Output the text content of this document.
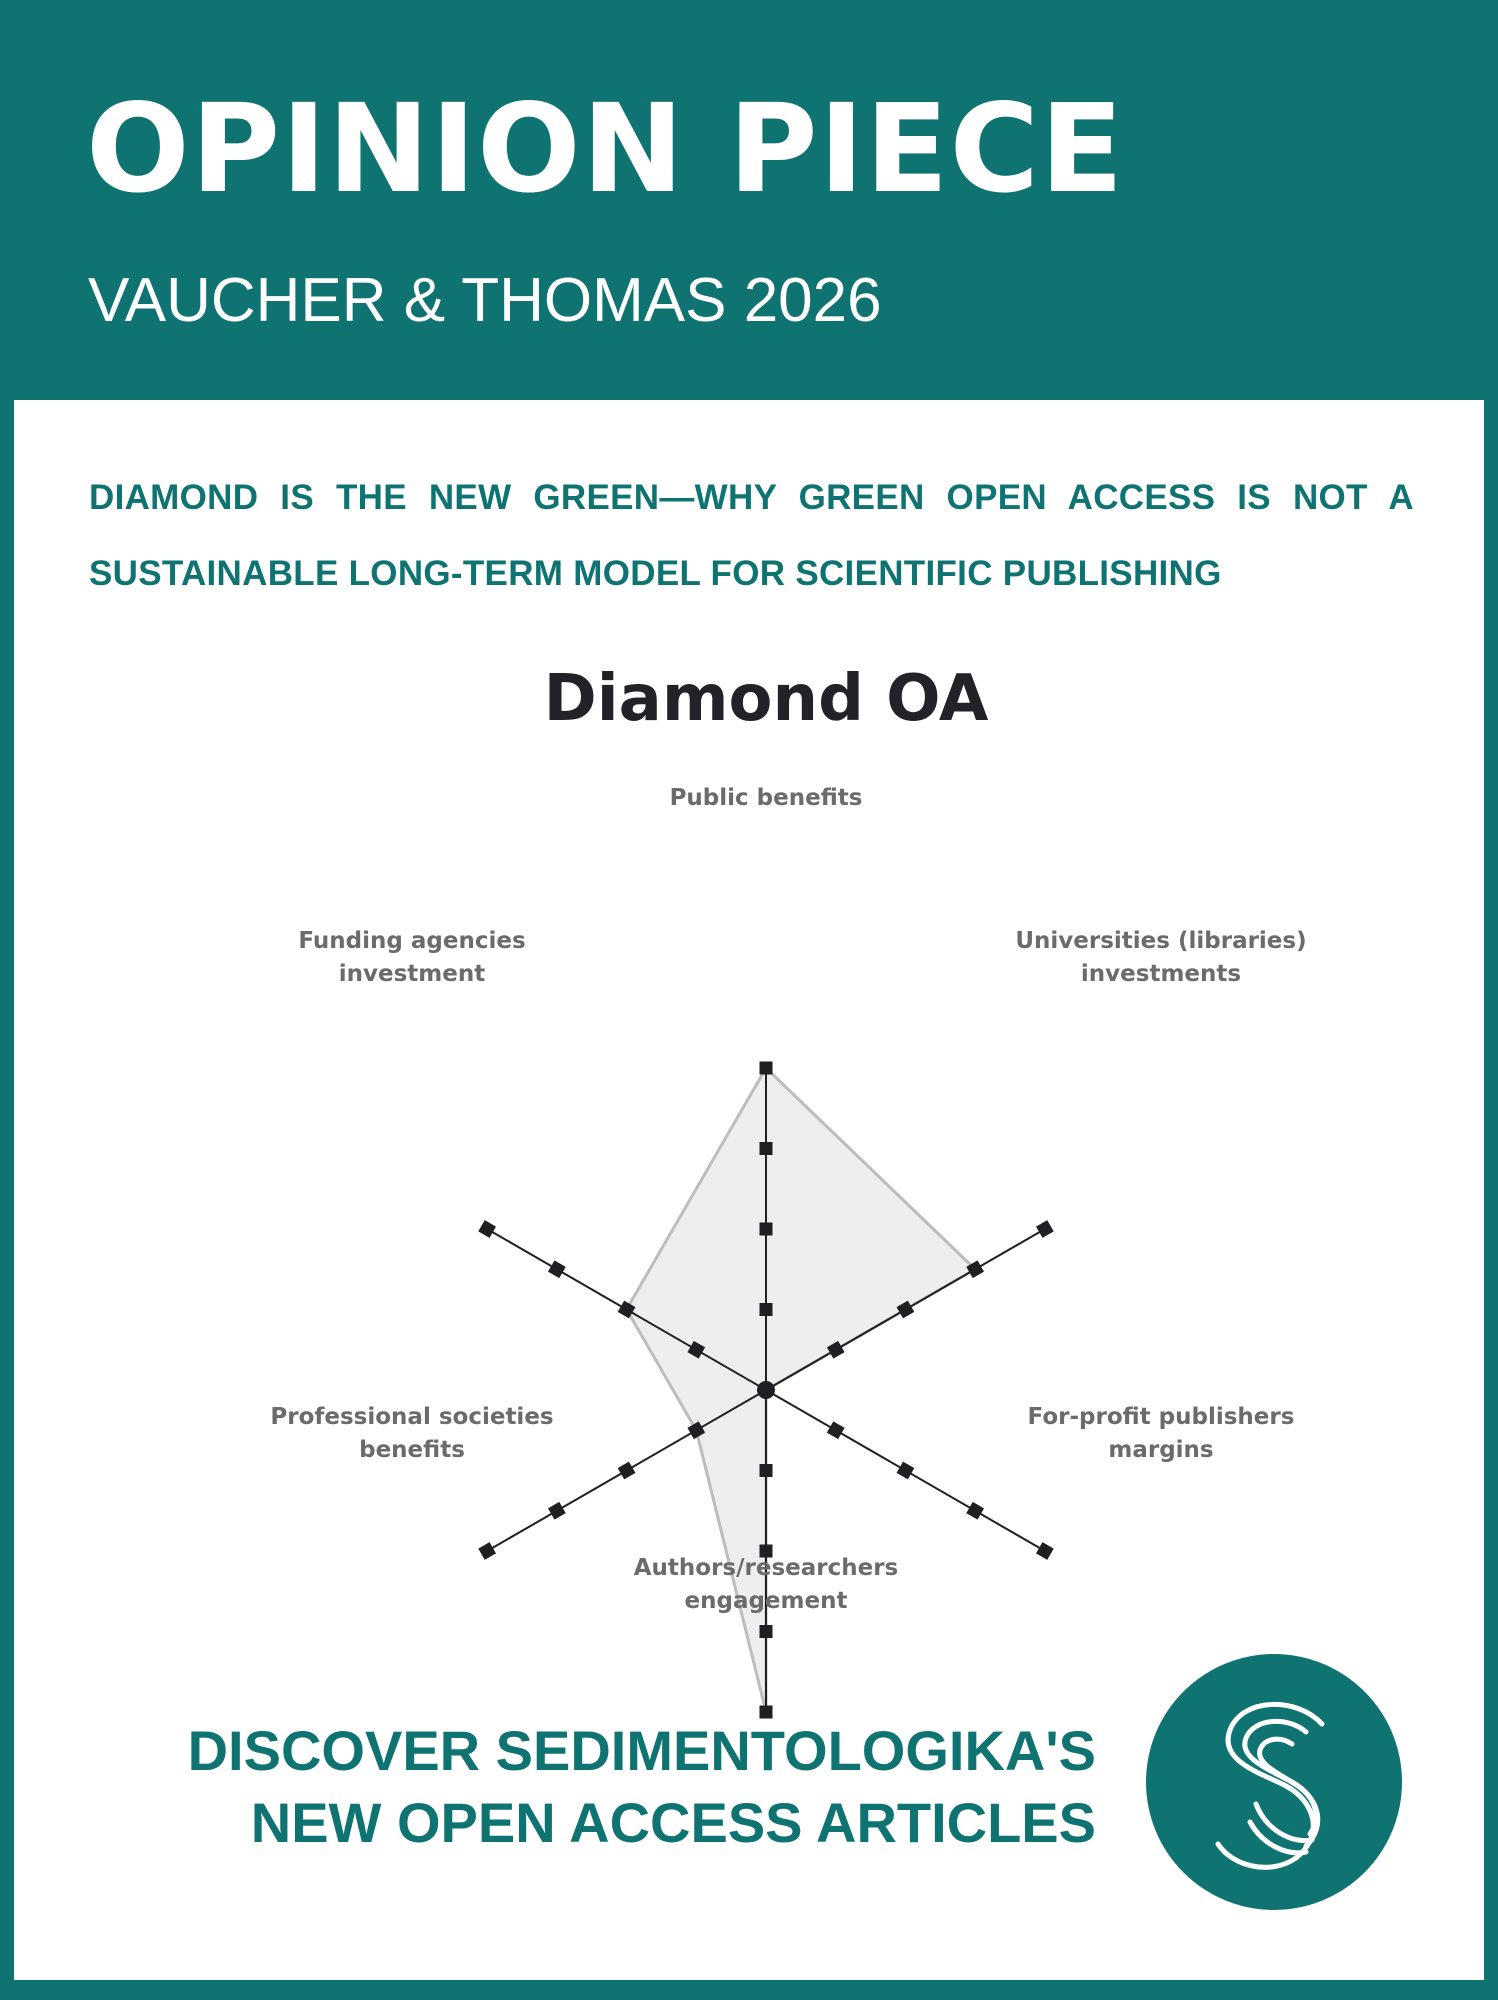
OPINION PIECE
VAUCHER & THOMAS 2026
DIAMOND IS THE NEW GREEN—WHY GREEN OPEN ACCESS IS NOT A SUSTAINABLE LONG-TERM MODEL FOR SCIENTIFIC PUBLISHING
Diamond OA
Public benefits
Universities (libraries)
investments
For-profit publishers
margins
Authors/researchers
engagement
Professional societies
benefits
Funding agencies
investment
DISCOVER SEDIMENTOLOGIKA'S
NEW OPEN ACCESS ARTICLES
